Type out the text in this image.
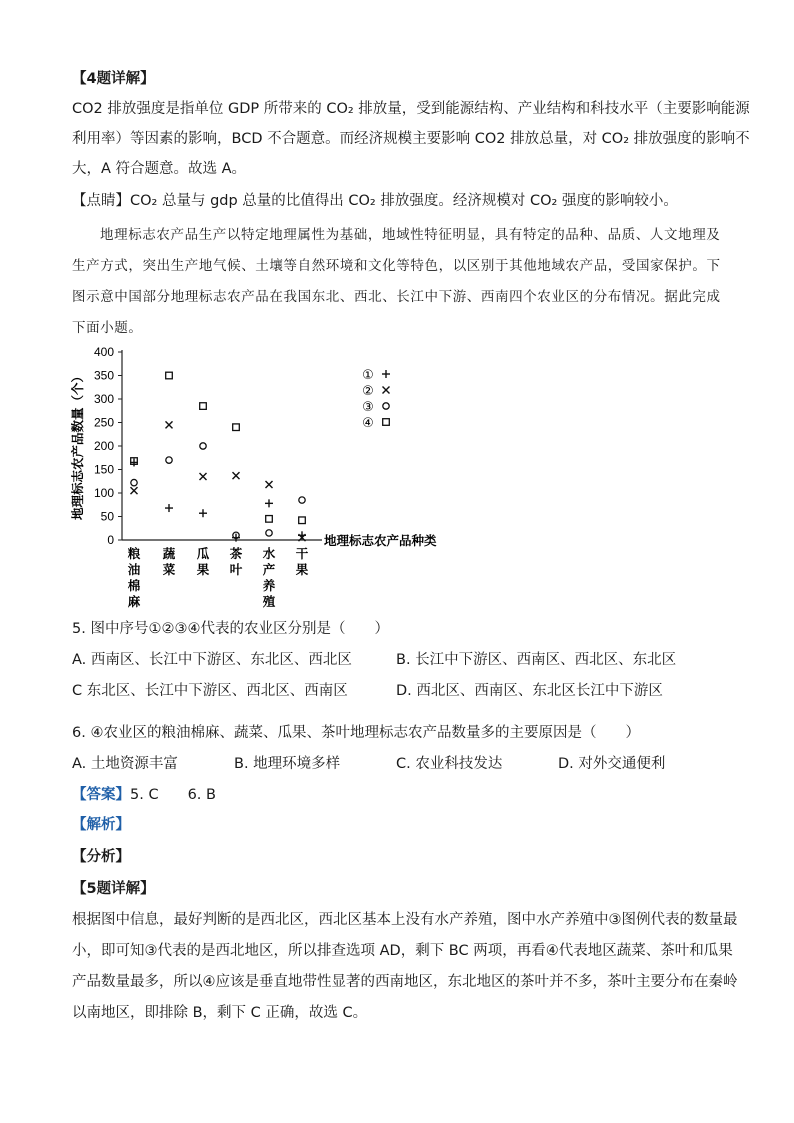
【4题详解】
CO2 排放强度是指单位 GDP 所带来的 CO₂ 排放量，受到能源结构、产业结构和科技水平（主要影响能源
利用率）等因素的影响，BCD 不合题意。而经济规模主要影响 CO2 排放总量，对 CO₂ 排放强度的影响不
大，A 符合题意。故选 A。
【点睛】CO₂ 总量与 gdp 总量的比值得出 CO₂ 排放强度。经济规模对 CO₂ 强度的影响较小。
地理标志农产品生产以特定地理属性为基础，地域性特征明显，具有特定的品种、品质、人文地理及
生产方式，突出生产地气候、土壤等自然环境和文化等特色，以区别于其他地域农产品，受国家保护。下
图示意中国部分地理标志农产品在我国东北、西北、长江中下游、西南四个农业区的分布情况。据此完成
下面小题。
0
50
100
150
200
250
300
350
400
地理标志农产品数量（个）
地理标志农产品种类
粮油棉麻
蔬菜
瓜果
茶叶
水产养殖
干果
①
②
③
④
5. 图中序号①②③④代表的农业区分别是（　　）
A. 西南区、长江中下游区、东北区、西北区	B. 长江中下游区、西南区、西北区、东北区
C 东北区、长江中下游区、西北区、西南区	D. 西北区、西南区、东北区长江中下游区
6. ④农业区的粮油棉麻、蔬菜、瓜果、茶叶地理标志农产品数量多的主要原因是（　　）
A. 土地资源丰富	B. 地理环境多样	C. 农业科技发达	D. 对外交通便利
【答案】5. C　　6. B
【解析】
【分析】
【5题详解】
根据图中信息，最好判断的是西北区，西北区基本上没有水产养殖，图中水产养殖中③图例代表的数量最
小，即可知③代表的是西北地区，所以排查选项 AD，剩下 BC 两项，再看④代表地区蔬菜、茶叶和瓜果
产品数量最多，所以④应该是垂直地带性显著的西南地区，东北地区的茶叶并不多，茶叶主要分布在秦岭
以南地区，即排除 B，剩下 C 正确，故选 C。
